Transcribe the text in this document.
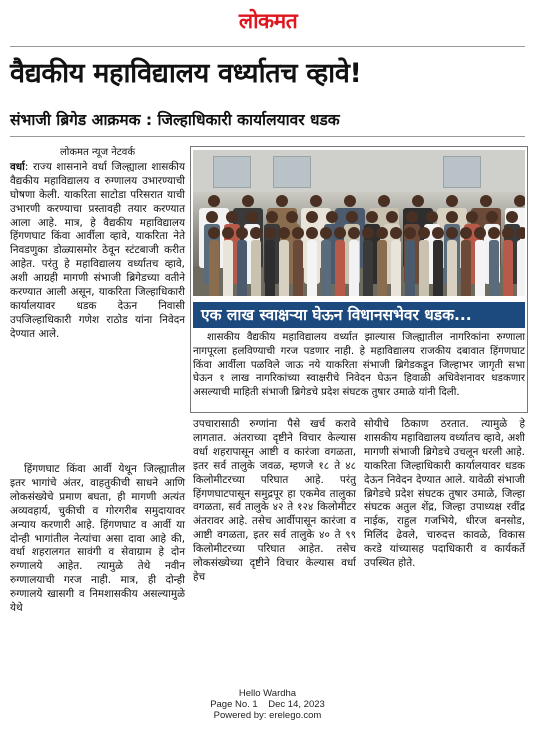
लोकमत
वैद्यकीय महाविद्यालय वर्ध्यातच व्हावे!
संभाजी ब्रिगेड आक्रमक : जिल्हाधिकारी कार्यालयावर धडक
लोकमत न्यूज नेटवर्क

वर्धा: राज्य शासनाने वर्धा जिल्ह्याला शासकीय वैद्यकीय महाविद्यालय व रुग्णालय उभारण्याची घोषणा केली. याकरिता साटोडा परिसरात याची उभारणी करण्याचा प्रस्तावही तयार करण्यात आला आहे. मात्र, हे वैद्यकीय महाविद्यालय हिंगणघाट किंवा आर्वीला व्हावे, याकरिता नेते निवडणुका डोळ्यासमोर ठेवून स्टंटबाजी करीत आहेत. परंतु हे महाविद्यालय वर्ध्यातच व्हावे, अशी आग्रही मागणी संभाजी ब्रिगेडच्या वतीने करण्यात आली असून, याकरिता जिल्हाधिकारी कार्यालयावर धडक देऊन निवासी उपजिल्हाधिकारी गणेश राठोड यांना निवेदन देण्यात आले.

हिंगणघाट किंवा आर्वी येथून जिल्ह्यातील इतर भागांचे अंतर, वाहतुकीची साधने आणि लोकसंख्येचे प्रमाण बघता, ही मागणी अत्यंत अव्यवहार्य, चुकीची व गोरगरीब समुदायावर अन्याय करणारी आहे. हिंगणघाट व आर्वी या दोन्ही भागांतील नेत्यांचा असा दावा आहे की, वर्धा शहरालगत सावंगी व सेवाग्राम हे दोन रुग्णालये आहेत. त्यामुळे तेथे नवीन रुग्णालयाची गरज नाही. मात्र, ही दोन्ही रुग्णालये खासगी व निमशासकीय असल्यामुळे येथे

एक लाख स्वाक्षऱ्या घेऊन विधानसभेवर धडक...

शासकीय वैद्यकीय महाविद्यालय वर्ध्यात झाल्यास जिल्ह्यातील नागरिकांना रुग्णाला नागपूरला हलविण्याची गरज पडणार नाही. हे महाविद्यालय राजकीय दबावात हिंगणघाट किंवा आर्वीला पळविले जाऊ नये याकरिता संभाजी ब्रिगेडकडून जिल्हाभर जागृती सभा घेऊन १ लाख नागरिकांच्या स्वाक्षरीचे निवेदन घेऊन हिवाळी अधिवेशनावर धडकणार असल्याची माहिती संभाजी ब्रिगेडचे प्रदेश संघटक तुषार उमाळे यांनी दिली.

उपचारासाठी रुग्णांना पैसे खर्च करावे लागतात. अंतराच्या दृष्टीने विचार केल्यास वर्धा शहरापासून आष्टी व कारंजा वगळता, इतर सर्व तालुके जवळ, म्हणजे १८ ते ४८ किलोमीटरच्या परिघात आहे. परंतु हिंगणघाटपासून समुद्रपूर हा एकमेव तालुका वगळता, सर्व तालुके ४२ ते १२४ किलोमीटर अंतरावर आहे. तसेच आर्वीपासून कारंजा व आष्टी वगळता, इतर सर्व तालुके ४० ते ९९ किलोमीटरच्या परिघात आहेत. तसेच लोकसंख्येच्या दृष्टीने विचार केल्यास वर्धा हेच

सोयीचे ठिकाण ठरतात. त्यामुळे हे शासकीय महाविद्यालय वर्ध्यातच व्हावे, अशी मागणी संभाजी ब्रिगेडचे उचलून धरली आहे. याकरिता जिल्हाधिकारी कार्यालयावर धडक देऊन निवेदन देण्यात आले. यावेळी संभाजी ब्रिगेडचे प्रदेश संघटक तुषार उमाळे, जिल्हा संघटक अतुल शेंद्र, जिल्हा उपाध्यक्ष रवींद्र नाईक, राहुल गजभिये, धीरज बनसोड, मिलिंद ढेवले, चारुदत्त कावळे, विकास करडे यांच्यासह पदाधिकारी व कार्यकर्ते उपस्थित होते.

Hello Wardha
Page No. 1    Dec 14, 2023
Powered by: erelego.com
